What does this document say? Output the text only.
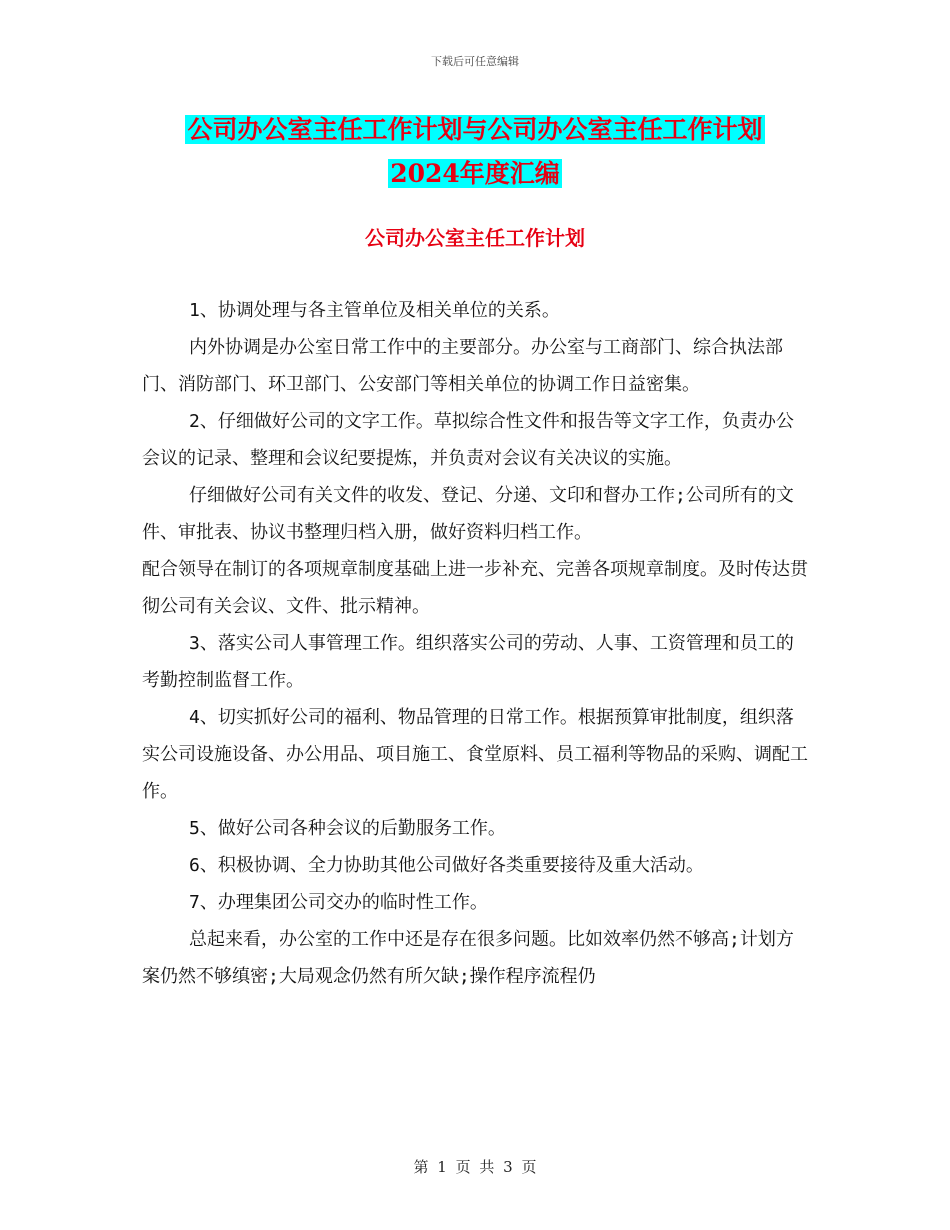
下载后可任意编辑
公司办公室主任工作计划与公司办公室主任工作计划
2024年度汇编
公司办公室主任工作计划

1、协调处理与各主管单位及相关单位的关系。

内外协调是办公室日常工作中的主要部分。办公室与工商部门、综合执法部门、消防部门、环卫部门、公安部门等相关单位的协调工作日益密集。

2、仔细做好公司的文字工作。草拟综合性文件和报告等文字工作，负责办公会议的记录、整理和会议纪要提炼，并负责对会议有关决议的实施。

仔细做好公司有关文件的收发、登记、分递、文印和督办工作;公司所有的文件、审批表、协议书整理归档入册，做好资料归档工作。

配合领导在制订的各项规章制度基础上进一步补充、完善各项规章制度。及时传达贯彻公司有关会议、文件、批示精神。

3、落实公司人事管理工作。组织落实公司的劳动、人事、工资管理和员工的考勤控制监督工作。

4、切实抓好公司的福利、物品管理的日常工作。根据预算审批制度，组织落实公司设施设备、办公用品、项目施工、食堂原料、员工福利等物品的采购、调配工作。

5、做好公司各种会议的后勤服务工作。

6、积极协调、全力协助其他公司做好各类重要接待及重大活动。

7、办理集团公司交办的临时性工作。

总起来看，办公室的工作中还是存在很多问题。比如效率仍然不够高;计划方案仍然不够缜密;大局观念仍然有所欠缺;操作程序流程仍

第 1 页 共 3 页
